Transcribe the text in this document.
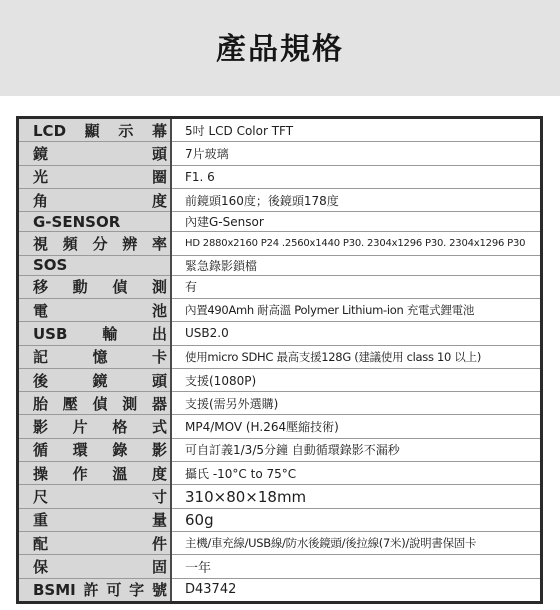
產品規格
LCD顯示幕	5吋 LCD Color TFT
鏡頭	7片玻璃
光圈	F1. 6
角度	前鏡頭160度；後鏡頭178度
G-SENSOR	內建G-Sensor
視頻分辨率	HD 2880x2160 P24 .2560x1440 P30. 2304x1296 P30. 2304x1296 P30
SOS	緊急錄影鎖檔
移動偵測	有
電池	內置490Amh 耐高溫 Polymer Lithium-ion 充電式鋰電池
USB輸出	USB2.0
記憶卡	使用micro SDHC 最高支援128G (建議使用 class 10 以上)
後鏡頭	支援(1080P)
胎壓偵測器	支援(需另外選購)
影片格式	MP4/MOV (H.264壓縮技術)
循環錄影	可自訂義1/3/5分鐘 自動循環錄影不漏秒
操作溫度	攝氏 -10°C to 75°C
尺寸	310×80×18mm
重量	60g
配件	主機/車充線/USB線/防水後鏡頭/後拉線(7米)/說明書保固卡
保固	一年
BSMI許可字號	D43742
